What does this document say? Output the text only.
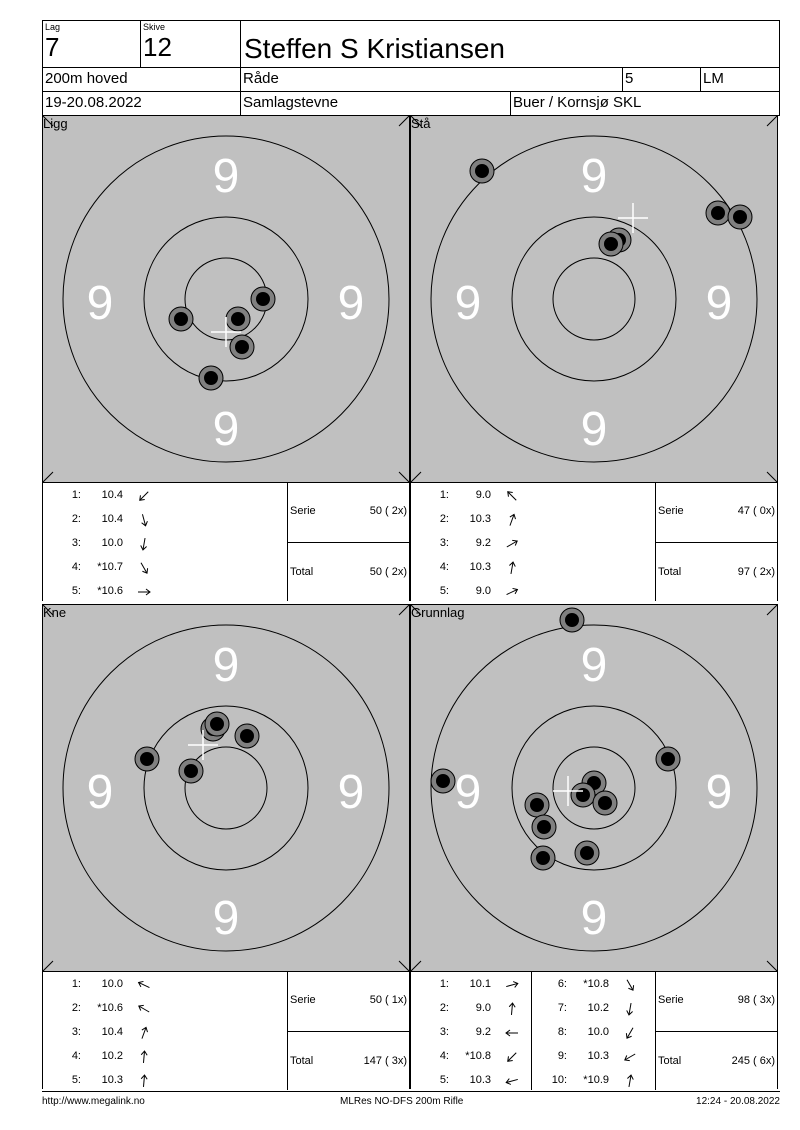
Lag
7
Skive
12	Steffen S Kristiansen
200m hoved	Råde	5	LM
19-20.08.2022	Samlagstevne	Buer / Kornsjø SKL
Ligg
9
9	9
9
1:	10.4
2:	10.4
3:	10.0
4:	*10.7
5:	*10.6
Serie	50 ( 2x)
Total	50 ( 2x)
Stå
9
9	9
9
1:	9.0
2:	10.3
3:	9.2
4:	10.3
5:	9.0
Serie	47 ( 0x)
Total	97 ( 2x)
Kne
9
9	9
9
1:	10.0
2:	*10.6
3:	10.4
4:	10.2
5:	10.3
Serie	50 ( 1x)
Total	147 ( 3x)
Grunnlag
9
9	9
9
1:	10.1
2:	9.0
3:	9.2
4:	*10.8
5:	10.3
6:	*10.8
7:	10.2
8:	10.0
9:	10.3
10:	*10.9
Serie	98 ( 3x)
Total	245 ( 6x)
http://www.megalink.no	MLRes NO-DFS 200m Rifle	12:24 - 20.08.2022
